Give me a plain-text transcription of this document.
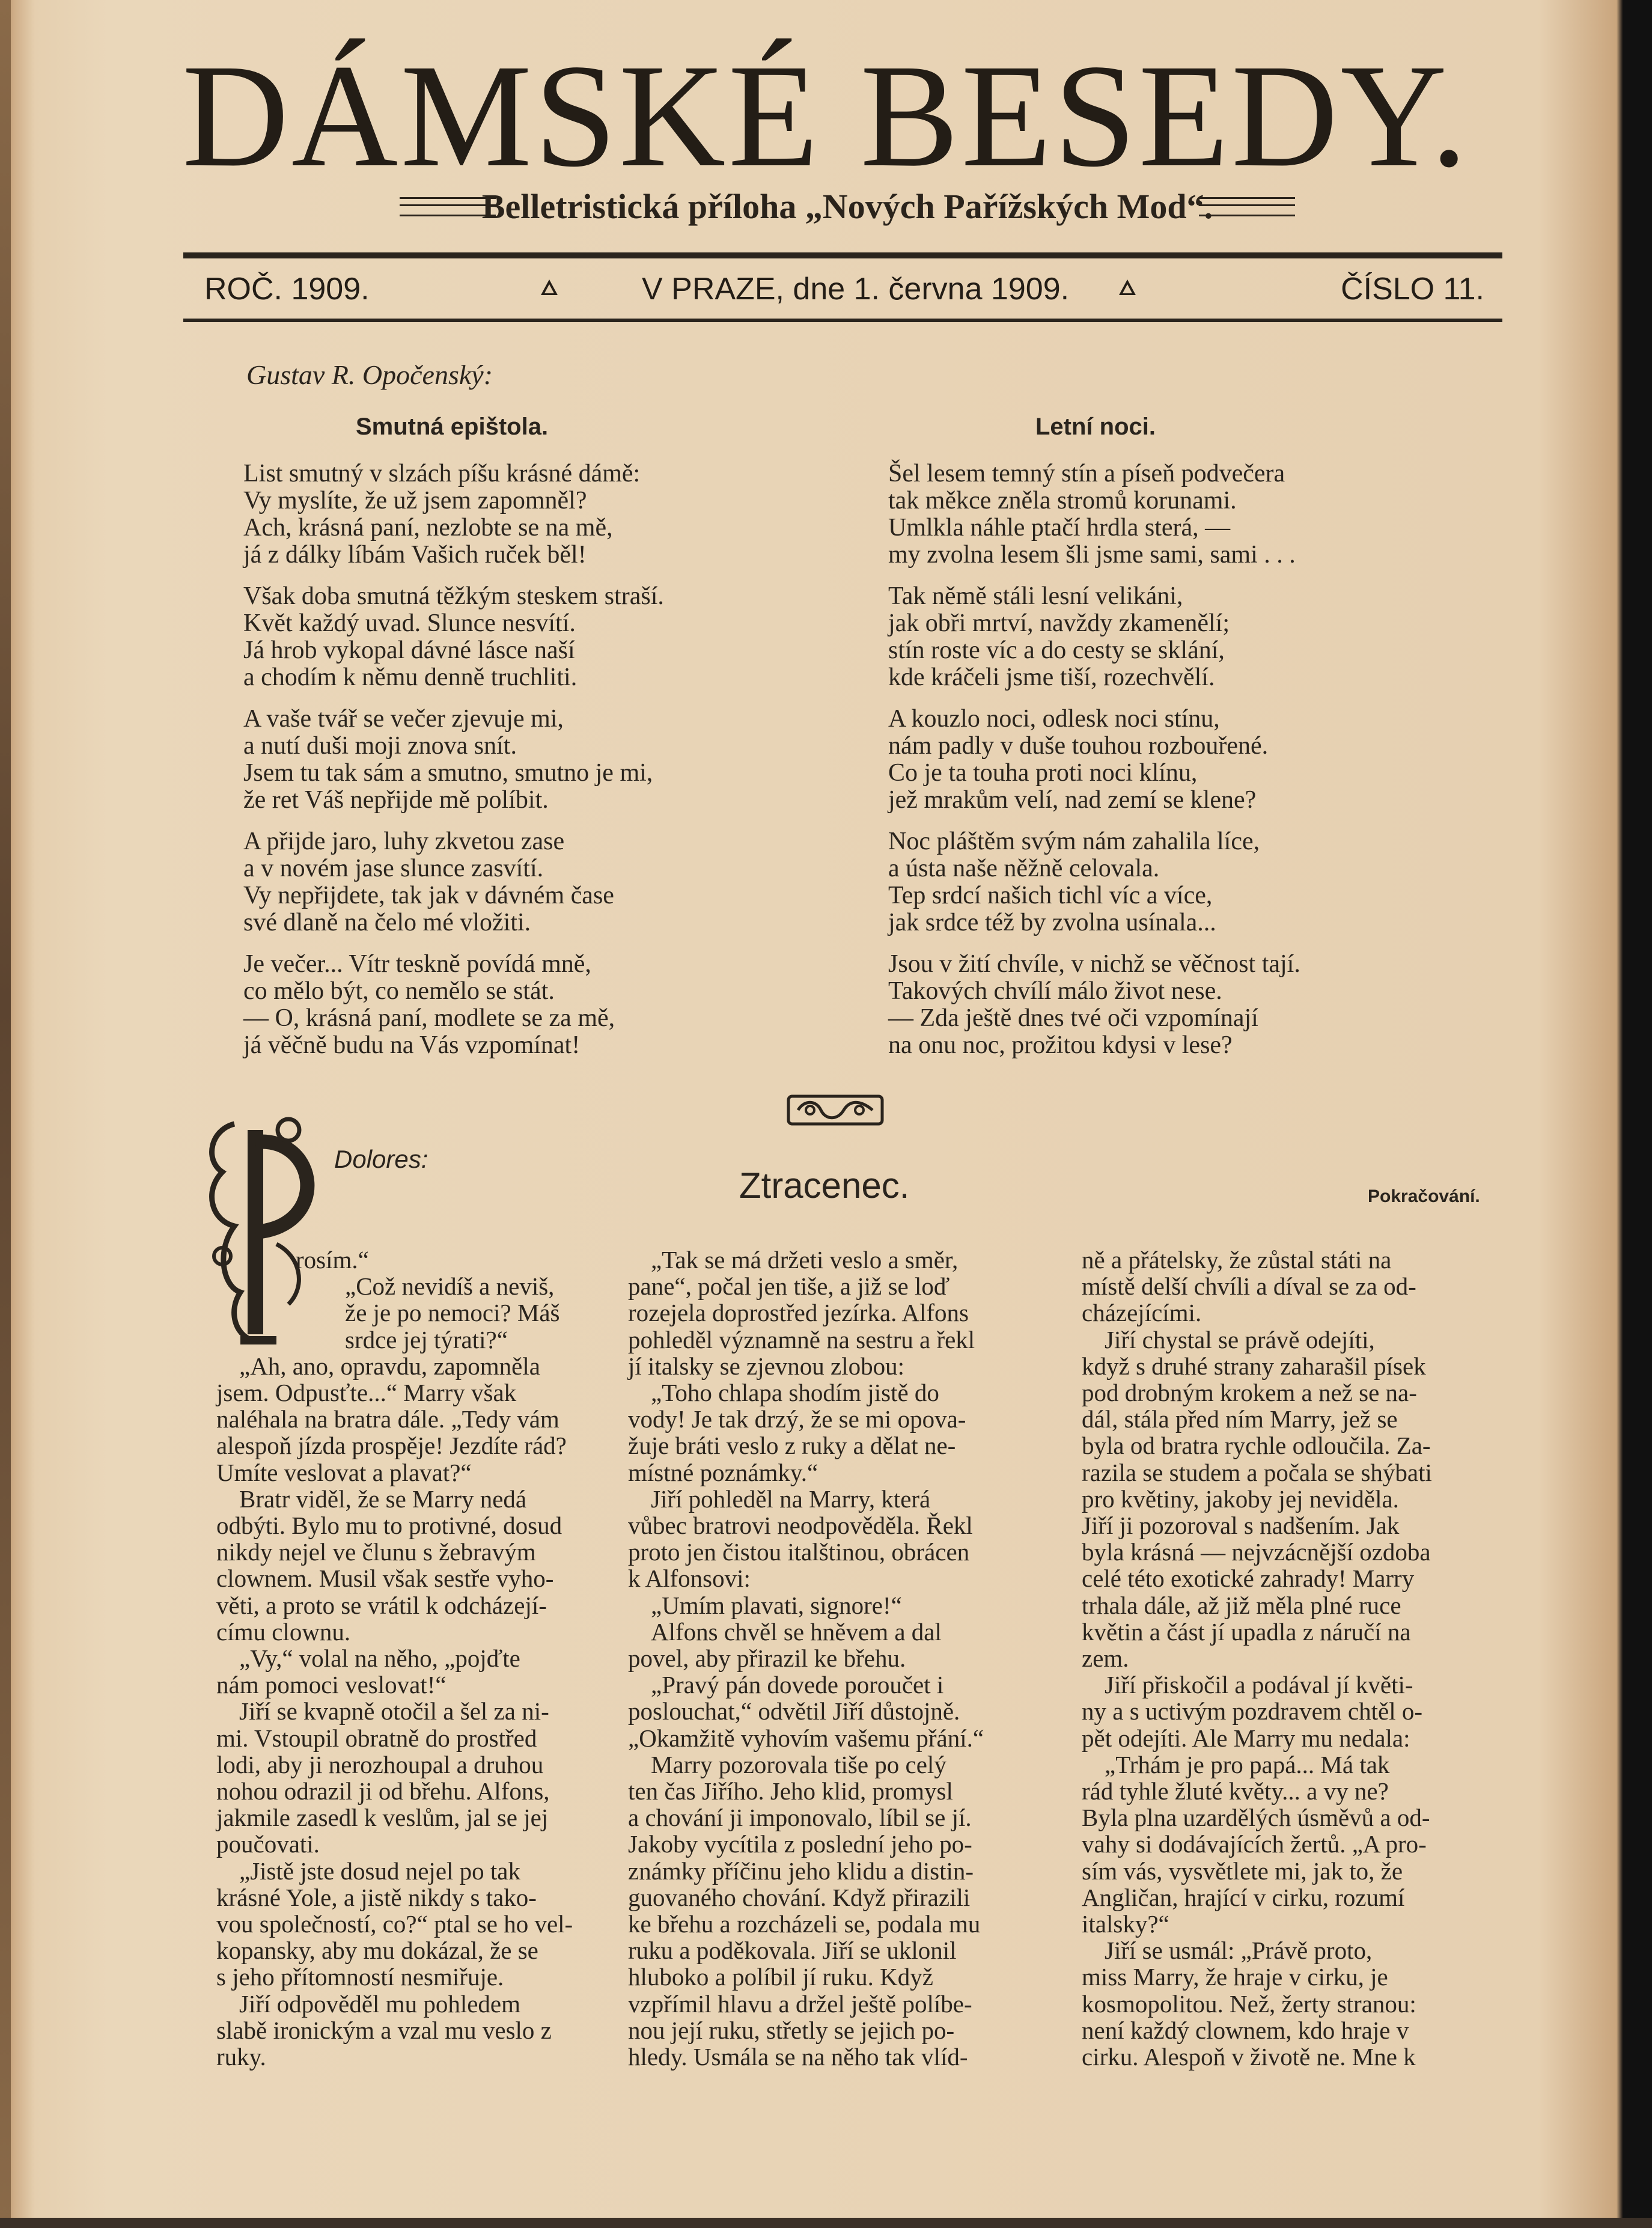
DÁMSKÉ BESEDY.
Belletristická příloha „Nových Pařížských Mod“.
ROČ. 1909.	V PRAZE, dne 1. června 1909.	ČÍSLO 11.
Gustav R. Opočenský:
Smutná epištola.	Letní noci.
List smutný v slzách píšu krásné dámě:
Vy myslíte, že už jsem zapomněl?
Ach, krásná paní, nezlobte se na mě,
já z dálky líbám Vašich ruček běl!
Však doba smutná těžkým steskem straší.
Květ každý uvad. Slunce nesvítí.
Já hrob vykopal dávné lásce naší
a chodím k němu denně truchliti.
A vaše tvář se večer zjevuje mi,
a nutí duši moji znova snít.
Jsem tu tak sám a smutno, smutno je mi,
že ret Váš nepřijde mě políbit.
A přijde jaro, luhy zkvetou zase
a v novém jase slunce zasvítí.
Vy nepřijdete, tak jak v dávném čase
své dlaně na čelo mé vložiti.
Je večer... Vítr teskně povídá mně,
co mělo být, co nemělo se stát.
— O, krásná paní, modlete se za mě,
já věčně budu na Vás vzpomínat!
Šel lesem temný stín a píseň podvečera
tak měkce zněla stromů korunami.
Umlkla náhle ptačí hrdla sterá, —
my zvolna lesem šli jsme sami, sami . . .
Tak němě stáli lesní velikáni,
jak obři mrtví, navždy zkamenělí;
stín roste víc a do cesty se sklání,
kde kráčeli jsme tiší, rozechvělí.
A kouzlo noci, odlesk noci stínu,
nám padly v duše touhou rozbouřené.
Co je ta touha proti noci klínu,
jež mrakům velí, nad zemí se klene?
Noc pláštěm svým nám zahalila líce,
a ústa naše něžně celovala.
Tep srdcí našich tichl víc a více,
jak srdce též by zvolna usínala...
Jsou v žití chvíle, v nichž se věčnost tají.
Takových chvílí málo život nese.
— Zda ještě dnes tvé oči vzpomínají
na onu noc, prožitou kdysi v lese?
Dolores:
Ztracenec.	Pokračování.
rosím.“
„Což nevidíš a neviš,
že je po nemoci? Máš
srdce jej týrati?“
„Ah, ano, opravdu, zapomněla
jsem. Odpusťte...“ Marry však
naléhala na bratra dále. „Tedy vám
alespoň jízda prospěje! Jezdíte rád?
Umíte veslovat a plavat?“
Bratr viděl, že se Marry nedá
odbýti. Bylo mu to protivné, dosud
nikdy nejel ve člunu s žebravým
clownem. Musil však sestře vyho-
věti, a proto se vrátil k odcházejí-
címu clownu.
„Vy,“ volal na něho, „pojďte
nám pomoci veslovat!“
Jiří se kvapně otočil a šel za ni-
mi. Vstoupil obratně do prostřed
lodi, aby ji nerozhoupal a druhou
nohou odrazil ji od břehu. Alfons,
jakmile zasedl k veslům, jal se jej
poučovati.
„Jistě jste dosud nejel po tak
krásné Yole, a jistě nikdy s tako-
vou společností, co?“ ptal se ho vel-
kopansky, aby mu dokázal, že se
s jeho přítomností nesmiřuje.
Jiří odpověděl mu pohledem
slabě ironickým a vzal mu veslo z
ruky.
„Tak se má držeti veslo a směr,
pane“, počal jen tiše, a již se loď
rozejela doprostřed jezírka. Alfons
pohleděl významně na sestru a řekl
jí italsky se zjevnou zlobou:
„Toho chlapa shodím jistě do
vody! Je tak drzý, že se mi opova-
žuje bráti veslo z ruky a dělat ne-
místné poznámky.“
Jiří pohleděl na Marry, která
vůbec bratrovi neodpověděla. Řekl
proto jen čistou italštinou, obrácen
k Alfonsovi:
„Umím plavati, signore!“
Alfons chvěl se hněvem a dal
povel, aby přirazil ke břehu.
„Pravý pán dovede poroučet i
poslouchat,“ odvětil Jiří důstojně.
„Okamžitě vyhovím vašemu přání.“
Marry pozorovala tiše po celý
ten čas Jiřího. Jeho klid, promysl
a chování ji imponovalo, líbil se jí.
Jakoby vycítila z poslední jeho po-
známky příčinu jeho klidu a distin-
guovaného chování. Když přirazili
ke břehu a rozcházeli se, podala mu
ruku a poděkovala. Jiří se uklonil
hluboko a políbil jí ruku. Když
vzpřímil hlavu a držel ještě políbe-
nou její ruku, střetly se jejich po-
hledy. Usmála se na něho tak vlíd-
ně a přátelsky, že zůstal státi na
místě delší chvíli a díval se za od-
cházejícími.
Jiří chystal se právě odejíti,
když s druhé strany zaharašil písek
pod drobným krokem a než se na-
dál, stála před ním Marry, jež se
byla od bratra rychle odloučila. Za-
razila se studem a počala se shýbati
pro květiny, jakoby jej neviděla.
Jiří ji pozoroval s nadšením. Jak
byla krásná — nejvzácnější ozdoba
celé této exotické zahrady! Marry
trhala dále, až již měla plné ruce
květin a část jí upadla z náručí na
zem.
Jiří přiskočil a podával jí květi-
ny a s uctivým pozdravem chtěl o-
pět odejíti. Ale Marry mu nedala:
„Trhám je pro papá... Má tak
rád tyhle žluté květy... a vy ne?
Byla plna uzardělých úsměvů a od-
vahy si dodávajících žertů. „A pro-
sím vás, vysvětlete mi, jak to, že
Angličan, hrající v cirku, rozumí
italsky?“
Jiří se usmál: „Právě proto,
miss Marry, že hraje v cirku, je
kosmopolitou. Než, žerty stranou:
není každý clownem, kdo hraje v
cirku. Alespoň v životě ne. Mne k
